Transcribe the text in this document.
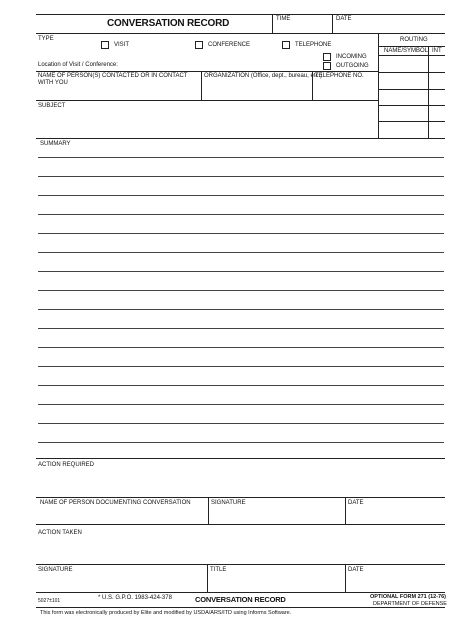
CONVERSATION RECORD	TIME	DATE
TYPE
VISIT	CONFERENCE	TELEPHONE
INCOMING
OUTGOING
Location of Visit / Conference:
ROUTING
NAME/SYMBOL INT
NAME OF PERSON(S) CONTACTED OR IN CONTACT WITH YOU
ORGANIZATION (Office, dept., bureau, etc.)
TELEPHONE NO.
SUBJECT
SUMMARY
ACTION REQUIRED
NAME OF PERSON DOCUMENTING CONVERSATION	SIGNATURE	DATE
ACTION TAKEN
SIGNATURE	TITLE	DATE
5027±101	* U.S. G.P.O. 1983-424-378	CONVERSATION RECORD	OPTIONAL FORM 271 (12-76)
DEPARTMENT OF DEFENSE
This form was electronically produced by Elite and modified by USDA/ARS/ITD using Informs Software.
